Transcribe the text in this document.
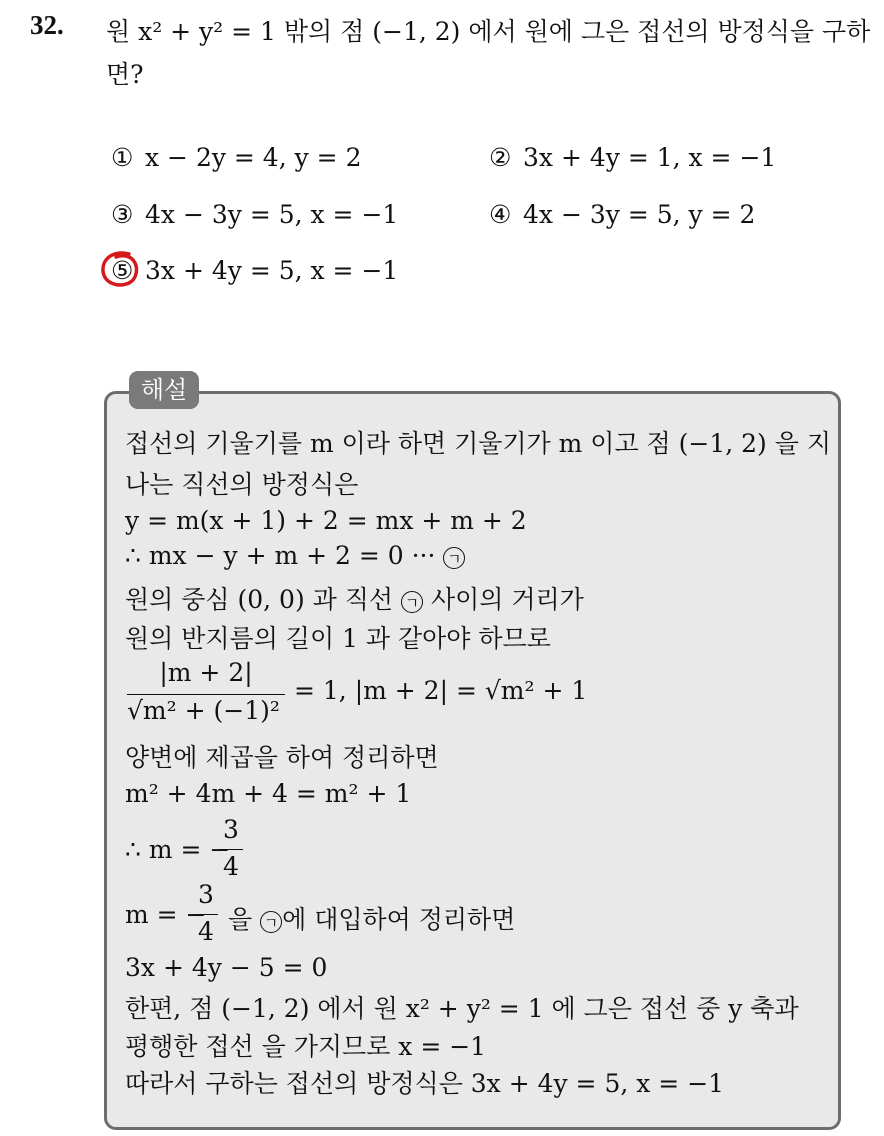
32. 원 x² + y² = 1 밖의 점 (−1, 2) 에서 원에 그은 접선의 방정식을 구하
면?
① x − 2y = 4, y = 2	② 3x + 4y = 1, x = −1
③ 4x − 3y = 5, x = −1	④ 4x − 3y = 5, y = 2
⑤ 3x + 4y = 5, x = −1
해설
접선의 기울기를 m 이라 하면 기울기가 m 이고 점 (−1, 2) 을 지
나는 직선의 방정식은
y = m(x + 1) + 2 = mx + m + 2
∴ mx − y + m + 2 = 0 ··· ㄱ
원의 중심 (0, 0) 과 직선 ㄱ 사이의 거리가
원의 반지름의 길이 1 과 같아야 하므로
|m + 2|
√m² + (−1)²
= 1, |m + 2| = √m² + 1
양변에 제곱을 하여 정리하면
m² + 4m + 4 = m² + 1
∴ m = −
3
4
m = −
3
4 을 ㄱ 에 대입하여 정리하면
3x + 4y − 5 = 0
한편, 점 (−1, 2) 에서 원 x² + y² = 1 에 그은 접선 중 y 축과
평행한 접선 을 가지므로 x = −1
따라서 구하는 접선의 방정식은 3x + 4y = 5, x = −1
